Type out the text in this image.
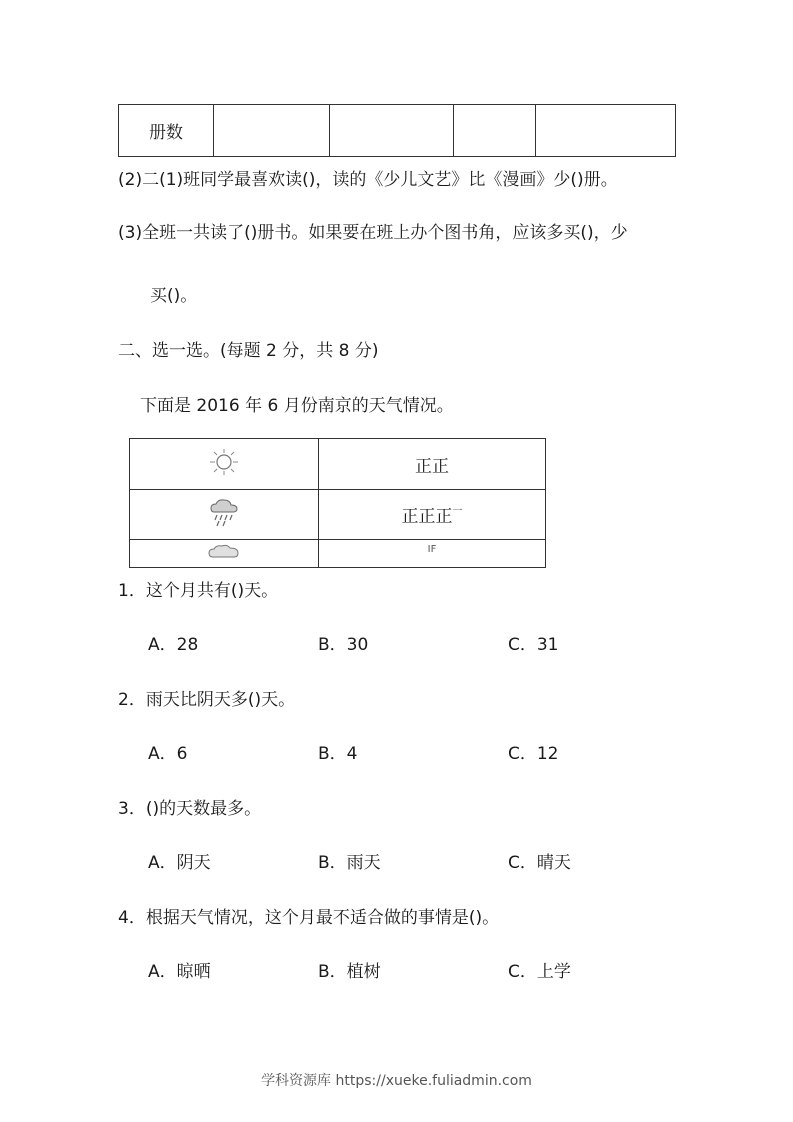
册数				
(2)二(1)班同学最喜欢读()，读的《少儿文艺》比《漫画》少()册。
(3)全班一共读了()册书。如果要在班上办个图书角，应该多买()，少
买()。
二、选一选。(每题 2 分，共 8 分)
下面是 2016 年 6 月份南京的天气情况。
	正正
	正正正$^一$
	$^{IF}$
1．这个月共有()天。
A．28	B．30	C．31
2．雨天比阴天多()天。
A．6	B．4	C．12
3．()的天数最多。
A．阴天	B．雨天	C．晴天
4．根据天气情况，这个月最不适合做的事情是()。
A．晾晒	B．植树	C．上学
学科资源库 https://xueke.fuliadmin.com
